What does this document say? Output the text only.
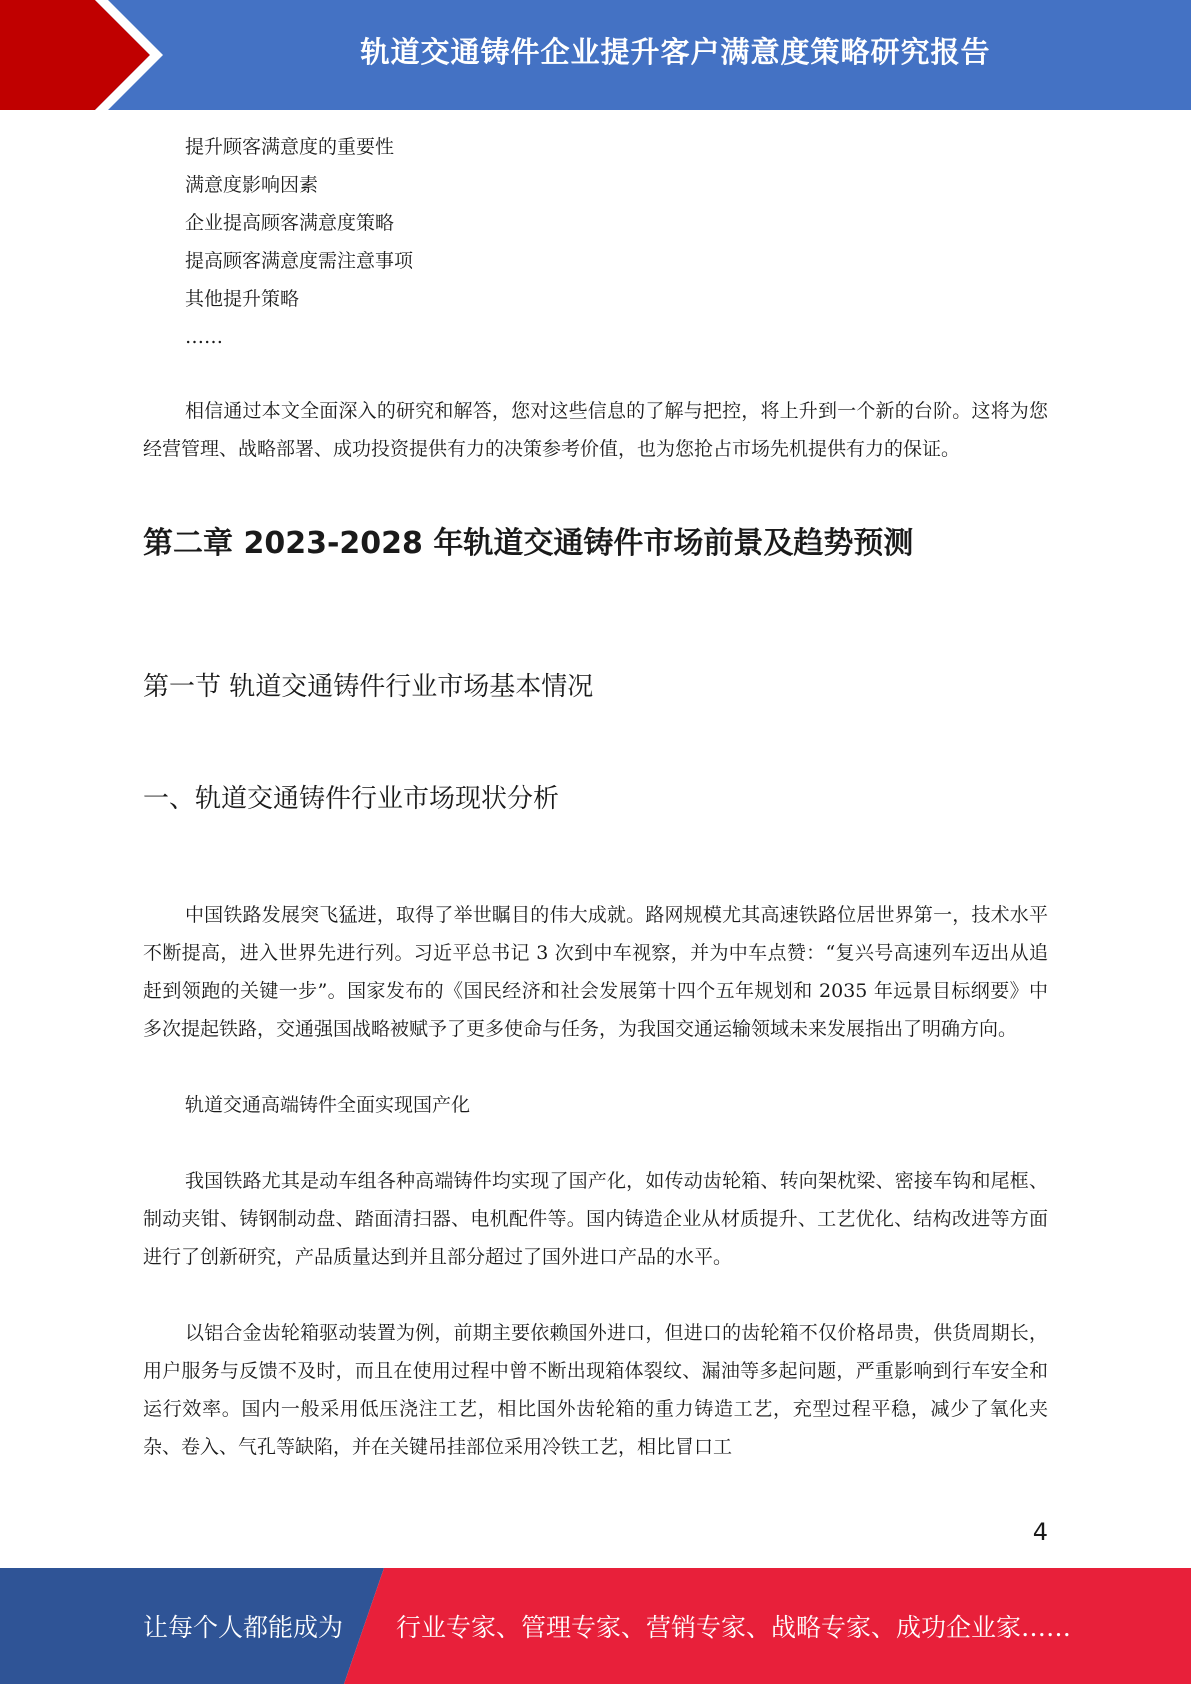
轨道交通铸件企业提升客户满意度策略研究报告
提升顾客满意度的重要性
满意度影响因素
企业提高顾客满意度策略
提高顾客满意度需注意事项
其他提升策略
……

相信通过本文全面深入的研究和解答，您对这些信息的了解与把控，将上升到一个新的台阶。这将为您经营管理、战略部署、成功投资提供有力的决策参考价值，也为您抢占市场先机提供有力的保证。

第二章 2023-2028 年轨道交通铸件市场前景及趋势预测
第一节 轨道交通铸件行业市场基本情况
一、轨道交通铸件行业市场现状分析

中国铁路发展突飞猛进，取得了举世瞩目的伟大成就。路网规模尤其高速铁路位居世界第一，技术水平不断提高，进入世界先进行列。习近平总书记 3 次到中车视察，并为中车点赞：“复兴号高速列车迈出从追赶到领跑的关键一步”。国家发布的《国民经济和社会发展第十四个五年规划和 2035 年远景目标纲要》中多次提起铁路，交通强国战略被赋予了更多使命与任务，为我国交通运输领域未来发展指出了明确方向。

轨道交通高端铸件全面实现国产化

我国铁路尤其是动车组各种高端铸件均实现了国产化，如传动齿轮箱、转向架枕梁、密接车钩和尾框、制动夹钳、铸钢制动盘、踏面清扫器、电机配件等。国内铸造企业从材质提升、工艺优化、结构改进等方面进行了创新研究，产品质量达到并且部分超过了国外进口产品的水平。

以铝合金齿轮箱驱动装置为例，前期主要依赖国外进口，但进口的齿轮箱不仅价格昂贵，供货周期长，用户服务与反馈不及时，而且在使用过程中曾不断出现箱体裂纹、漏油等多起问题，严重影响到行车安全和运行效率。国内一般采用低压浇注工艺，相比国外齿轮箱的重力铸造工艺，充型过程平稳，减少了氧化夹杂、卷入、气孔等缺陷，并在关键吊挂部位采用冷铁工艺，相比冒口工

4
让每个人都能成为 行业专家、管理专家、营销专家、战略专家、成功企业家……
